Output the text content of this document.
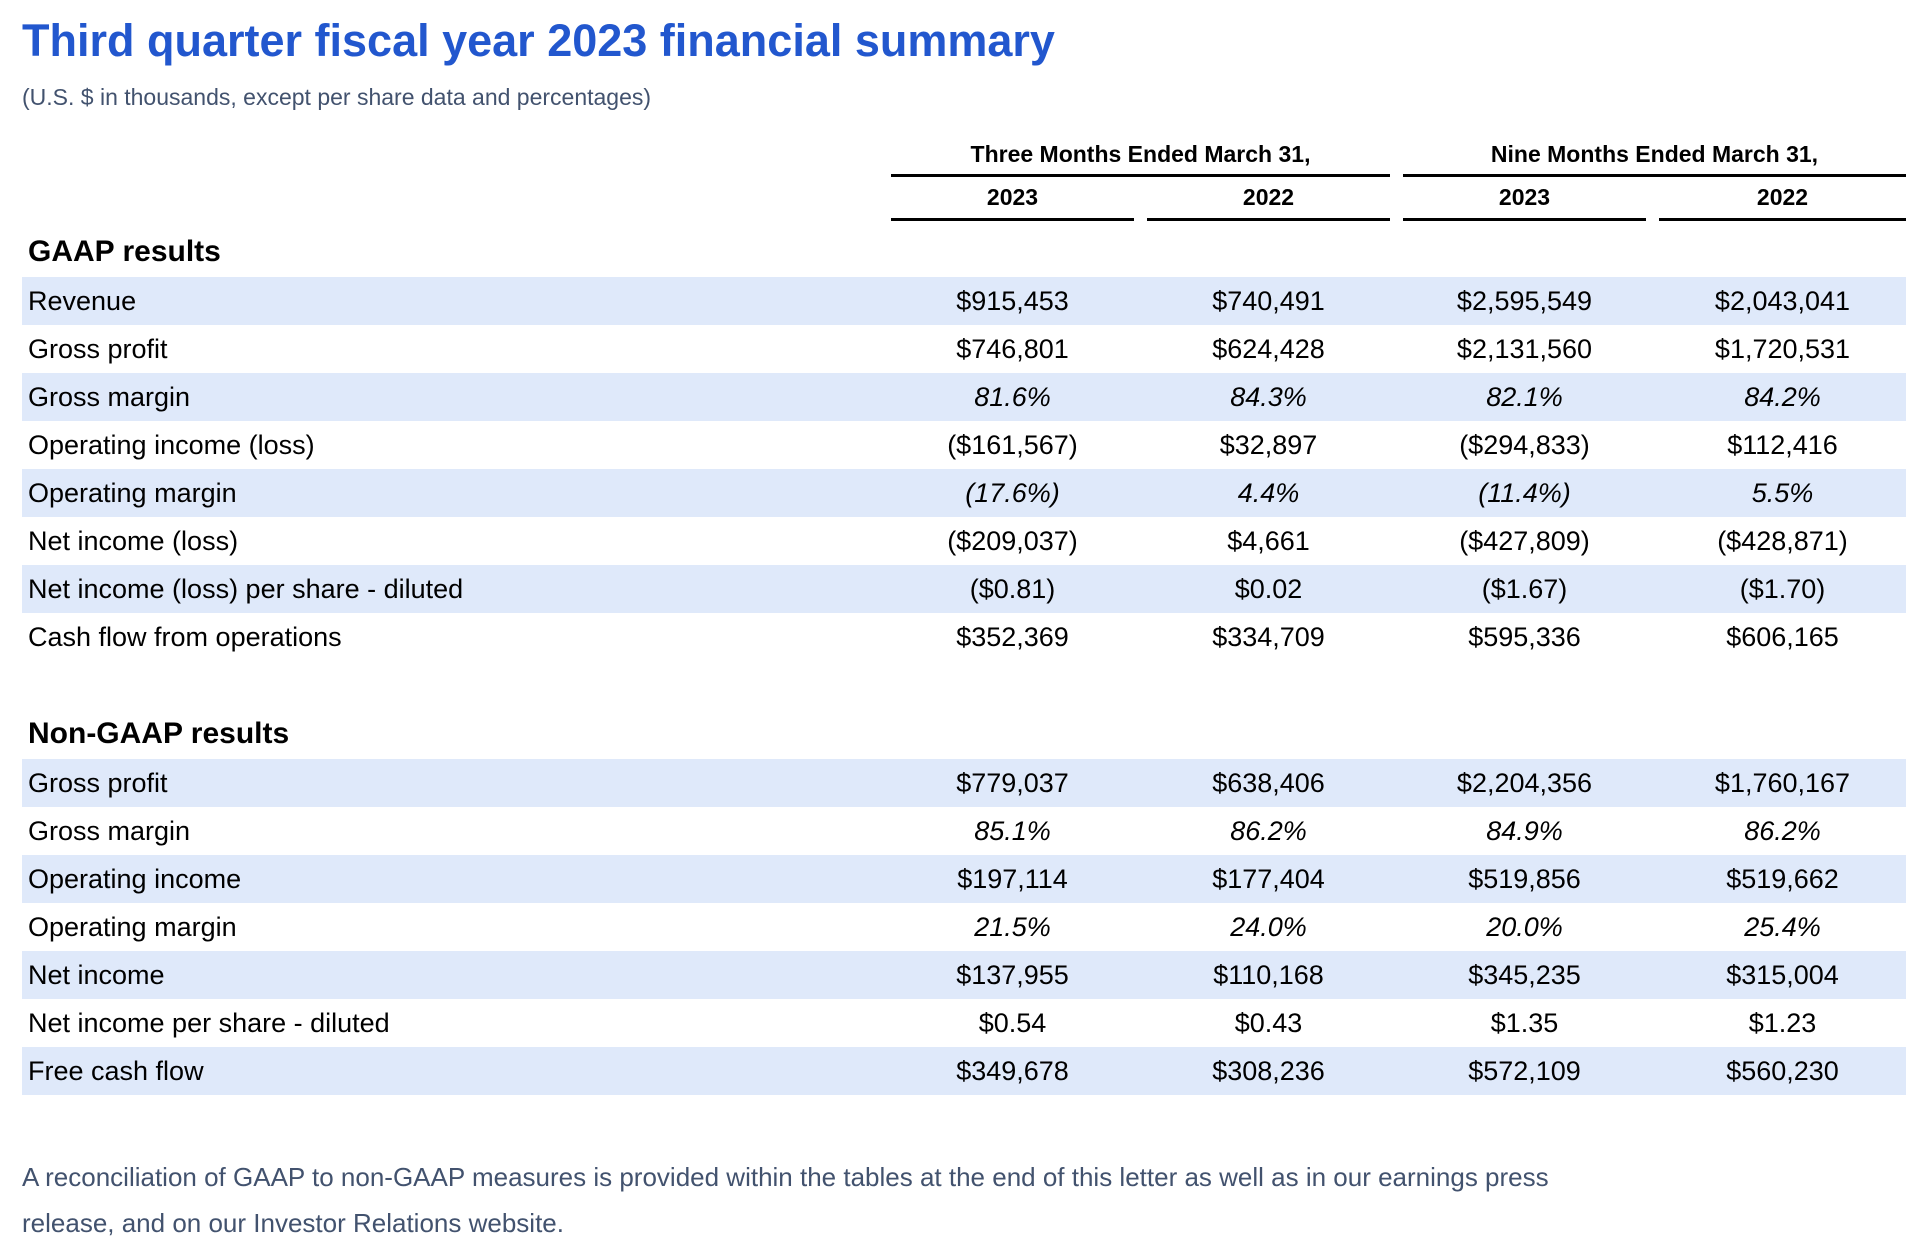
Third quarter fiscal year 2023 financial summary

(U.S. $ in thousands, except per share data and percentages)

Three Months Ended March 31,	Nine Months Ended March 31,
2023	2022	2023	2022
GAAP results
Revenue	$915,453	$740,491	$2,595,549	$2,043,041
Gross profit	$746,801	$624,428	$2,131,560	$1,720,531
Gross margin	81.6%	84.3%	82.1%	84.2%
Operating income (loss)	($161,567)	$32,897	($294,833)	$112,416
Operating margin	(17.6%)	4.4%	(11.4%)	5.5%
Net income (loss)	($209,037)	$4,661	($427,809)	($428,871)
Net income (loss) per share - diluted	($0.81)	$0.02	($1.67)	($1.70)
Cash flow from operations	$352,369	$334,709	$595,336	$606,165
Non-GAAP results
Gross profit	$779,037	$638,406	$2,204,356	$1,760,167
Gross margin	85.1%	86.2%	84.9%	86.2%
Operating income	$197,114	$177,404	$519,856	$519,662
Operating margin	21.5%	24.0%	20.0%	25.4%
Net income	$137,955	$110,168	$345,235	$315,004
Net income per share - diluted	$0.54	$0.43	$1.35	$1.23
Free cash flow	$349,678	$308,236	$572,109	$560,230

A reconciliation of GAAP to non-GAAP measures is provided within the tables at the end of this letter as well as in our earnings press release, and on our Investor Relations website.
